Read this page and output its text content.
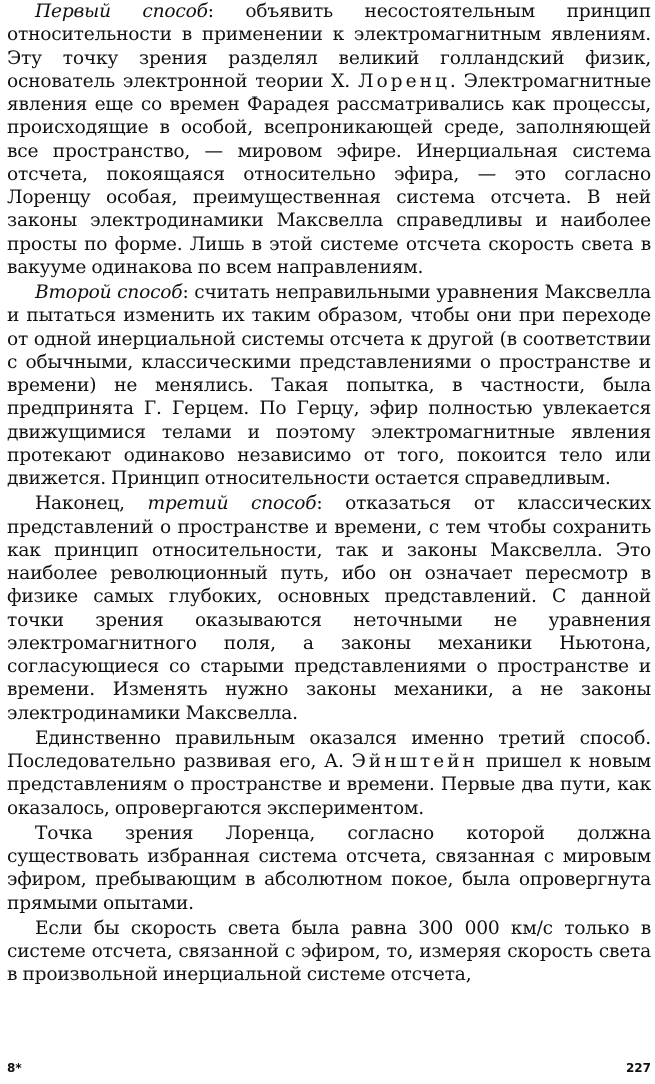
Первый способ: объявить несостоятельным принцип относительности в применении к электромагнитным явлениям. Эту точку зрения разделял великий голландский физик, основатель электронной теории Х. Лоренц. Электромагнитные явления еще со времен Фарадея рассматривались как процессы, происходящие в особой, всепроникающей среде, заполняющей все пространство, — мировом эфире. Инерциальная система отсчета, покоящаяся относительно эфира, — это согласно Лоренцу особая, преимущественная система отсчета. В ней законы электродинамики Максвелла справедливы и наиболее просты по форме. Лишь в этой системе отсчета скорость света в вакууме одинакова по всем направлениям.

Второй способ: считать неправильными уравнения Максвелла и пытаться изменить их таким образом, чтобы они при переходе от одной инерциальной системы отсчета к другой (в соответствии с обычными, классическими представлениями о пространстве и времени) не менялись. Такая попытка, в частности, была предпринята Г. Герцем. По Герцу, эфир полностью увлекается движущимися телами и поэтому электромагнитные явления протекают одинаково независимо от того, покоится тело или движется. Принцип относительности остается справедливым.

Наконец, третий способ: отказаться от классических представлений о пространстве и времени, с тем чтобы сохранить как принцип относительности, так и законы Максвелла. Это наиболее революционный путь, ибо он означает пересмотр в физике самых глубоких, основных представлений. С данной точки зрения оказываются неточными не уравнения электромагнитного поля, а законы механики Ньютона, согласующиеся со старыми представлениями о пространстве и времени. Изменять нужно законы механики, а не законы электродинамики Максвелла.

Единственно правильным оказался именно третий способ. Последовательно развивая его, А. Эйнштейн пришел к новым представлениям о пространстве и времени. Первые два пути, как оказалось, опровергаются экспериментом.

Точка зрения Лоренца, согласно которой должна существовать избранная система отсчета, связанная с мировым эфиром, пребывающим в абсолютном покое, была опровергнута прямыми опытами.

Если бы скорость света была равна 300 000 км/с только в системе отсчета, связанной с эфиром, то, измеряя скорость света в произвольной инерциальной системе отсчета,

8*	227
